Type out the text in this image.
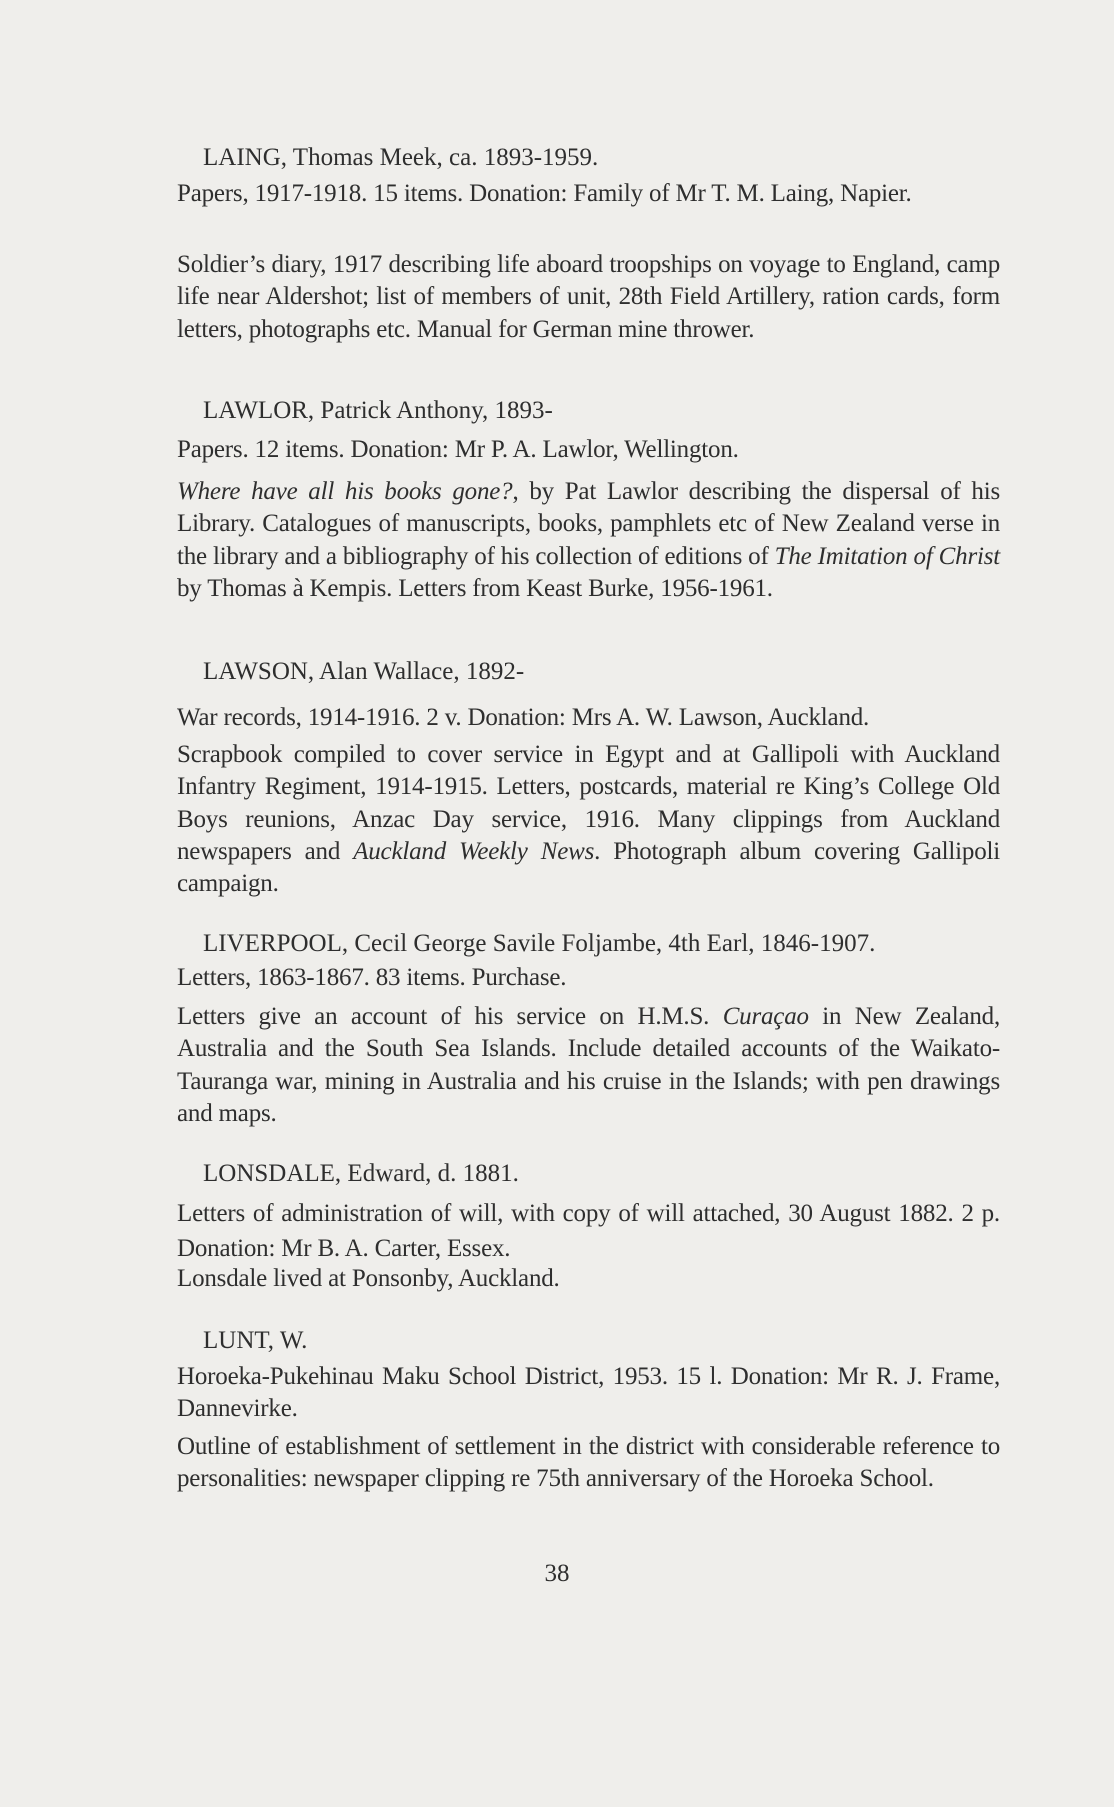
LAING, Thomas Meek, ca. 1893-1959.
Papers, 1917-1918. 15 items. Donation: Family of Mr T. M. Laing, Napier.
Soldier’s diary, 1917 describing life aboard troopships on voyage to England, camp life near Aldershot; list of members of unit, 28th Field Artillery, ration cards, form letters, photographs etc. Manual for German mine thrower.
LAWLOR, Patrick Anthony, 1893-
Papers. 12 items. Donation: Mr P. A. Lawlor, Wellington.
Where have all his books gone?, by Pat Lawlor describing the dispersal of his Library. Catalogues of manuscripts, books, pamphlets etc of New Zealand verse in the library and a bibliography of his collection of editions of The Imitation of Christ by Thomas à Kempis. Letters from Keast Burke, 1956-1961.
LAWSON, Alan Wallace, 1892-
War records, 1914-1916. 2 v. Donation: Mrs A. W. Lawson, Auckland.
Scrapbook compiled to cover service in Egypt and at Gallipoli with Auckland Infantry Regiment, 1914-1915. Letters, postcards, material re King’s College Old Boys reunions, Anzac Day service, 1916. Many clippings from Auckland newspapers and Auckland Weekly News. Photograph album covering Gallipoli campaign.
LIVERPOOL, Cecil George Savile Foljambe, 4th Earl, 1846-1907.
Letters, 1863-1867. 83 items. Purchase.
Letters give an account of his service on H.M.S. Curaçao in New Zealand, Australia and the South Sea Islands. Include detailed accounts of the Waikato-Tauranga war, mining in Australia and his cruise in the Islands; with pen drawings and maps.
LONSDALE, Edward, d. 1881.
Letters of administration of will, with copy of will attached, 30 August 1882. 2 p. Donation: Mr B. A. Carter, Essex.
Lonsdale lived at Ponsonby, Auckland.
LUNT, W.
Horoeka-Pukehinau Maku School District, 1953. 15 l. Donation: Mr R. J. Frame, Dannevirke.
Outline of establishment of settlement in the district with considerable reference to personalities: newspaper clipping re 75th anniversary of the Horoeka School.
38
